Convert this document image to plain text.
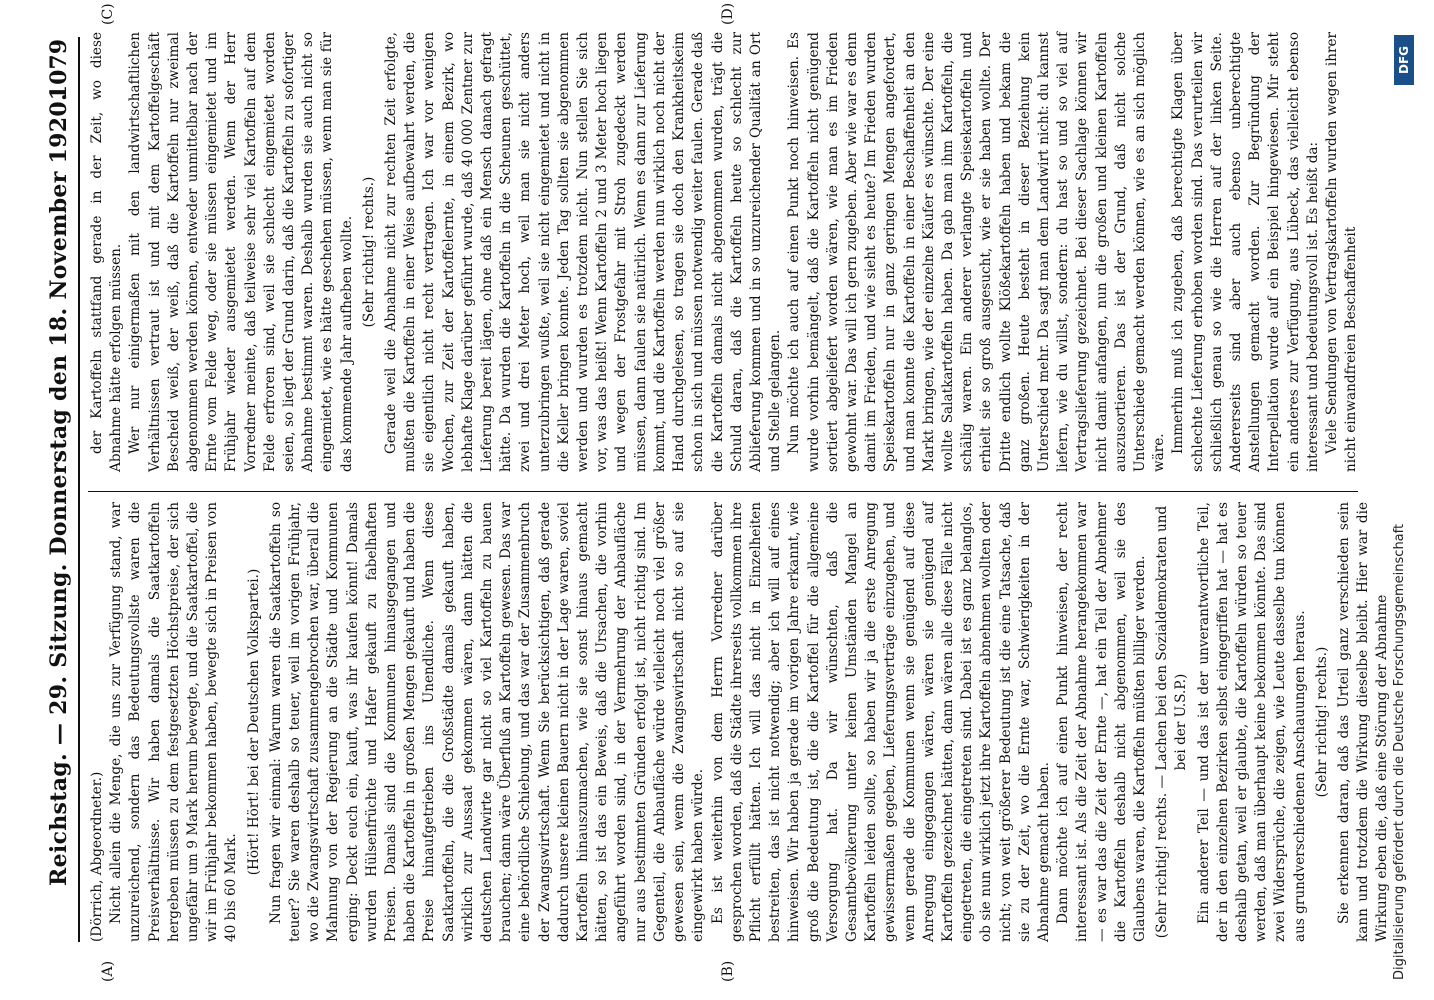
Reichstag. — 29. Sitzung. Donnerstag den 18. November 1920.
1079
(A)	(B)
(C)	(D)

(Dörrich, Abgeordneter.) Nicht allein die Menge, die uns zur Verfügung stand, war unzureichend, sondern das Bedeutungsvollste waren die Preisverhältnisse. Wir haben damals die Saatkartoffeln hergeben müssen zu dem festgesetzten Höchstpreise, der sich ungefähr um 9 Mark herum bewegte, und die Saatkartoffel, die wir im Frühjahr bekommen haben, bewegte sich in Preisen von 40 bis 60 Mark.

(Hört! Hört! bei der Deutschen Volkspartei.) Nun fragen wir einmal: Warum waren die Saatkartoffeln so teuer? Sie waren deshalb so teuer, weil im vorigen Frühjahr, wo die Zwangswirtschaft zusammengebrochen war, überall die Mahnung von der Regierung an die Städte und Kommunen erging: Deckt euch ein, kauft, was ihr kaufen könnt! Damals wurden Hülsenfrüchte und Hafer gekauft zu fabelhaften Preisen. Damals sind die Kommunen hinausgegangen und haben die Kartoffeln in großen Mengen gekauft und haben die Preise hinaufgetrieben ins Unendliche. Wenn diese Saatkartoffeln, die die Großstädte damals gekauft haben, wirklich zur Aussaat gekommen wären, dann hätten die deutschen Landwirte gar nicht so viel Kartoffeln zu bauen brauchen; dann wäre Überfluß an Kartoffeln gewesen. Das war eine behördliche Schiebung, und das war der Zusammenbruch der Zwangswirtschaft. Wenn Sie berücksichtigen, daß gerade dadurch unsere kleinen Bauern nicht in der Lage waren, soviel Kartoffeln hinauszumachen, wie sie sonst hinaus gemacht hätten, so ist das ein Beweis, daß die Ursachen, die vorhin angeführt worden sind, in der Vermehrung der Anbaufläche nur aus bestimmten Gründen erfolgt ist, nicht richtig sind. Im Gegenteil, die Anbaufläche würde vielleicht noch viel größer gewesen sein, wenn die Zwangswirtschaft nicht so auf sie eingewirkt haben würde. Es ist weiterhin von dem Herrn Vorredner darüber gesprochen worden, daß die Städte ihrerseits vollkommen ihre Pflicht erfüllt hätten. Ich will das nicht in Einzelheiten bestreiten, das ist nicht notwendig; aber ich will auf eines hinweisen. Wir haben ja gerade im vorigen Jahre erkannt, wie groß die Bedeutung ist, die die Kartoffel für die allgemeine Versorgung hat. Da wir wünschten, daß die Gesamtbevölkerung unter keinen Umständen Mangel an Kartoffeln leiden sollte, so haben wir ja die erste Anregung gewissermaßen gegeben, Lieferungsverträge einzugehen, und wenn gerade die Kommunen wenn sie genügend auf diese Anregung eingegangen wären, wären sie genügend auf Kartoffeln gezeichnet hätten, dann wären alle diese Fälle nicht eingetreten, die eingetreten sind. Dabei ist es ganz belanglos, ob sie nun wirklich jetzt ihre Kartoffeln abnehmen wollten oder nicht; von weit größerer Bedeutung ist die eine Tatsache, daß sie zu der Zeit, wo die Ernte war, Schwierigkeiten in der Abnahme gemacht haben. Dann möchte ich auf einen Punkt hinweisen, der recht interessant ist. Als die Zeit der Abnahme herangekommen war — es war das die Zeit der Ernte —, hat ein Teil der Abnehmer die Kartoffeln deshalb nicht abgenommen, weil sie des Glaubens waren, die Kartoffeln müßten billiger werden. (Sehr richtig! rechts. — Lachen bei den Sozialdemokraten und bei der U.S.P.) Ein anderer Teil — und das ist der unverantwortliche Teil, der in den einzelnen Bezirken selbst eingegriffen hat — hat es deshalb getan, weil er glaubte, die Kartoffeln würden so teuer werden, daß man überhaupt keine bekommen könnte. Das sind zwei Widersprüche, die zeigen, wie Leute dasselbe tun können aus grundverschiedenen Anschauungen heraus. (Sehr richtig! rechts.) Sie erkennen daran, daß das Urteil ganz verschieden sein kann und trotzdem die Wirkung dieselbe bleibt. Hier war die Wirkung eben die, daß eine Störung der Abnahme

der Kartoffeln stattfand gerade in der Zeit, wo diese Abnahme hätte erfolgen müssen. Wer nur einigermaßen mit den landwirtschaftlichen Verhältnissen vertraut ist und mit dem Kartoffelgeschäft Bescheid weiß, der weiß, daß die Kartoffeln nur zweimal abgenommen werden können, entweder unmittelbar nach der Ernte vom Felde weg, oder sie müssen eingemietet und im Frühjahr wieder ausgemietet werden. Wenn der Herr Vorredner meinte, daß teilweise sehr viel Kartoffeln auf dem Felde erfroren sind, weil sie schlecht eingemietet worden seien, so liegt der Grund darin, daß die Kartoffeln zu sofortiger Abnahme bestimmt waren. Deshalb wurden sie auch nicht so eingemietet, wie es hätte geschehen müssen, wenn man sie für das kommende Jahr aufheben wollte. (Sehr richtig! rechts.) Gerade weil die Abnahme nicht zur rechten Zeit erfolgte, mußten die Kartoffeln in einer Weise aufbewahrt werden, die sie eigentlich nicht recht vertragen. Ich war vor wenigen Wochen, zur Zeit der Kartoffelernte, in einem Bezirk, wo lebhafte Klage darüber geführt wurde, daß 40 000 Zentner zur Lieferung bereit lägen, ohne daß ein Mensch danach gefragt hätte. Da wurden die Kartoffeln in die Scheunen geschüttet, zwei und drei Meter hoch, weil man sie nicht anders unterzubringen wußte, weil sie nicht eingemietet und nicht in die Keller bringen konnte. Jeden Tag sollten sie abgenommen werden und wurden es trotzdem nicht. Nun stellen Sie sich vor, was das heißt! Wenn Kartoffeln 2 und 3 Meter hoch liegen und wegen der Frostgefahr mit Stroh zugedeckt werden müssen, dann faulen sie natürlich. Wenn es dann zur Lieferung kommt, und die Kartoffeln werden nun wirklich noch nicht der Hand durchgelesen, so tragen sie doch den Krankheitskeim schon in sich und müssen notwendig weiter faulen. Gerade daß die Kartoffeln damals nicht abgenommen wurden, trägt die Schuld daran, daß die Kartoffeln heute so schlecht zur Ablieferung kommen und in so unzureichender Qualität an Ort und Stelle gelangen. Nun möchte ich auch auf einen Punkt noch hinweisen. Es wurde vorhin bemängelt, daß die Kartoffeln nicht genügend sortiert abgeliefert worden wären, wie man es im Frieden gewohnt war. Das will ich gern zugeben. Aber wie war es denn damit im Frieden, und wie sieht es heute? Im Frieden wurden Speisekartoffeln nur in ganz geringen Mengen angefordert, und man konnte die Kartoffeln in einer Beschaffenheit an den Markt bringen, wie der einzelne Käufer es wünschte. Der eine wollte Salatkartoffeln haben. Da gab man ihm Kartoffeln, die schälig waren. Ein anderer verlangte Speisekartoffeln und erhielt sie so groß ausgesucht, wie er sie haben wollte. Der Dritte endlich wollte Klößekartoffeln haben und bekam die ganz großen. Heute besteht in dieser Beziehung kein Unterschied mehr. Da sagt man dem Landwirt nicht: du kannst liefern, wie du willst, sondern: du hast so und so viel auf Vertragslieferung gezeichnet. Bei dieser Sachlage können wir nicht damit anfangen, nun die großen und kleinen Kartoffeln auszusortieren. Das ist der Grund, daß nicht solche Unterschiede gemacht werden können, wie es an sich möglich wäre. Immerhin muß ich zugeben, daß berechtigte Klagen über schlechte Lieferung erhoben worden sind. Das verurteilen wir schließlich genau so wie die Herren auf der linken Seite. Andererseits sind aber auch ebenso unberechtigte Anstellungen gemacht worden. Zur Begründung der Interpellation wurde auf ein Beispiel hingewiesen. Mir steht ein anderes zur Verfügung, aus Lübeck, das vielleicht ebenso interessant und bedeutungsvoll ist. Es heißt da: Viele Sendungen von Vertragskartoffeln wurden wegen ihrer nicht einwandfreien Beschaffenheit

Digitalisierung gefördert durch die Deutsche Forschungsgemeinschaft
DFG
